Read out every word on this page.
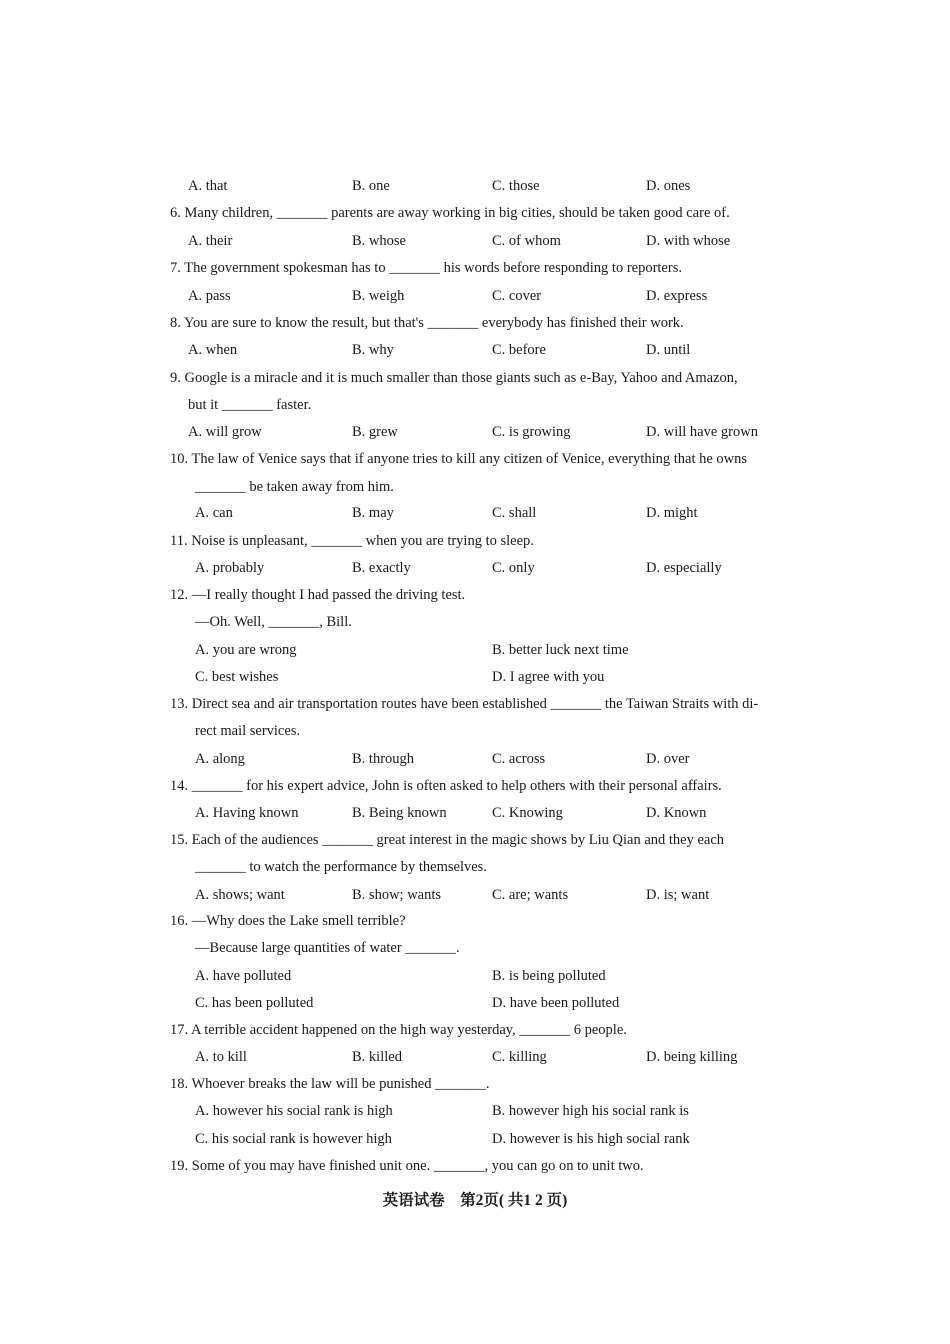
A. that	B. one	C. those	D. ones
6. Many children, _______ parents are away working in big cities, should be taken good care of.
A. their	B. whose	C. of whom	D. with whose
7. The government spokesman has to _______ his words before responding to reporters.
A. pass	B. weigh	C. cover	D. express
8. You are sure to know the result, but that's _______ everybody has finished their work.
A. when	B. why	C. before	D. until
9. Google is a miracle and it is much smaller than those giants such as e-Bay, Yahoo and Amazon,
but it _______ faster.
A. will grow	B. grew	C. is growing	D. will have grown
10. The law of Venice says that if anyone tries to kill any citizen of Venice, everything that he owns
_______ be taken away from him.
A. can	B. may	C. shall	D. might
11. Noise is unpleasant, _______ when you are trying to sleep.
A. probably	B. exactly	C. only	D. especially
12. —I really thought I had passed the driving test.
—Oh. Well, _______, Bill.
A. you are wrong	B. better luck next time
C. best wishes	D. I agree with you
13. Direct sea and air transportation routes have been established _______ the Taiwan Straits with di-
rect mail services.
A. along	B. through	C. across	D. over
14. _______ for his expert advice, John is often asked to help others with their personal affairs.
A. Having known	B. Being known	C. Knowing	D. Known
15. Each of the audiences _______ great interest in the magic shows by Liu Qian and they each
_______ to watch the performance by themselves.
A. shows; want	B. show; wants	C. are; wants	D. is; want
16. —Why does the Lake smell terrible?
—Because large quantities of water _______.
A. have polluted	B. is being polluted
C. has been polluted	D. have been polluted
17. A terrible accident happened on the high way yesterday, _______ 6 people.
A. to kill	B. killed	C. killing	D. being killing
18. Whoever breaks the law will be punished _______.
A. however his social rank is high	B. however high his social rank is
C. his social rank is however high	D. however is his high social rank
19. Some of you may have finished unit one. _______, you can go on to unit two.
英语试卷　第2页( 共1 2 页)
